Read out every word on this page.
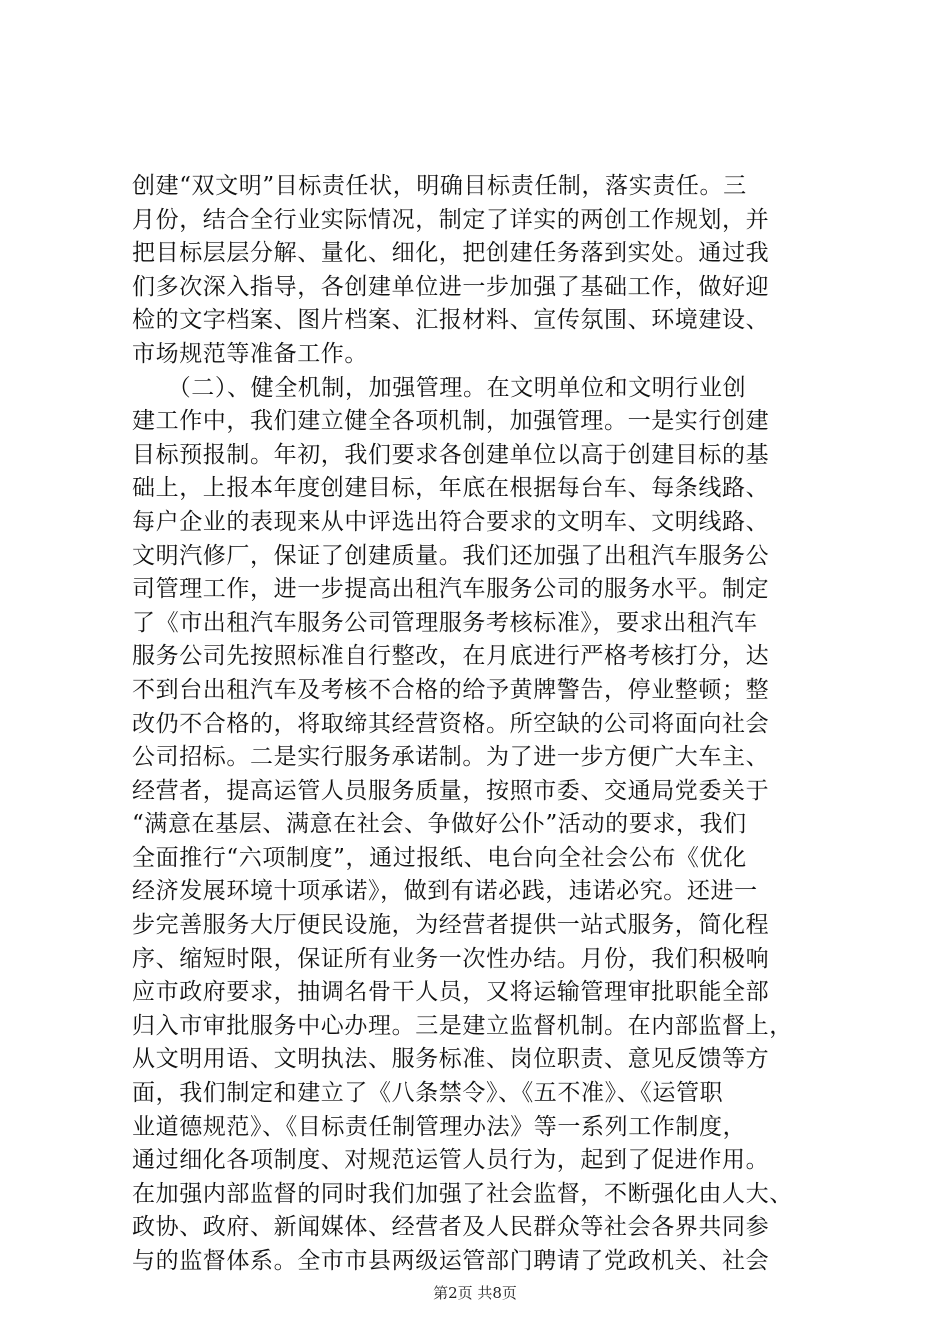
创建“双文明”目标责任状，明确目标责任制，落实责任。三
月份，结合全行业实际情况，制定了详实的两创工作规划，并
把目标层层分解、量化、细化，把创建任务落到实处。通过我
们多次深入指导，各创建单位进一步加强了基础工作，做好迎
检的文字档案、图片档案、汇报材料、宣传氛围、环境建设、
市场规范等准备工作。
　　（二）、健全机制，加强管理。在文明单位和文明行业创
建工作中，我们建立健全各项机制，加强管理。一是实行创建
目标预报制。年初，我们要求各创建单位以高于创建目标的基
础上，上报本年度创建目标，年底在根据每台车、每条线路、
每户企业的表现来从中评选出符合要求的文明车、文明线路、
文明汽修厂，保证了创建质量。我们还加强了出租汽车服务公
司管理工作，进一步提高出租汽车服务公司的服务水平。制定
了《市出租汽车服务公司管理服务考核标准》，要求出租汽车
服务公司先按照标准自行整改，在月底进行严格考核打分，达
不到台出租汽车及考核不合格的给予黄牌警告，停业整顿；整
改仍不合格的，将取缔其经营资格。所空缺的公司将面向社会
公司招标。二是实行服务承诺制。为了进一步方便广大车主、
经营者，提高运管人员服务质量，按照市委、交通局党委关于
“满意在基层、满意在社会、争做好公仆”活动的要求，我们
全面推行“六项制度”，通过报纸、电台向全社会公布《优化
经济发展环境十项承诺》，做到有诺必践，违诺必究。还进一
步完善服务大厅便民设施，为经营者提供一站式服务，简化程
序、缩短时限，保证所有业务一次性办结。月份，我们积极响
应市政府要求，抽调名骨干人员，又将运输管理审批职能全部
归入市审批服务中心办理。三是建立监督机制。在内部监督上，
从文明用语、文明执法、服务标准、岗位职责、意见反馈等方
面，我们制定和建立了《八条禁令》、《五不准》、《运管职
业道德规范》、《目标责任制管理办法》等一系列工作制度，
通过细化各项制度、对规范运管人员行为，起到了促进作用。
在加强内部监督的同时我们加强了社会监督，不断强化由人大、
政协、政府、新闻媒体、经营者及人民群众等社会各界共同参
与的监督体系。全市市县两级运管部门聘请了党政机关、社会
第2页 共8页
